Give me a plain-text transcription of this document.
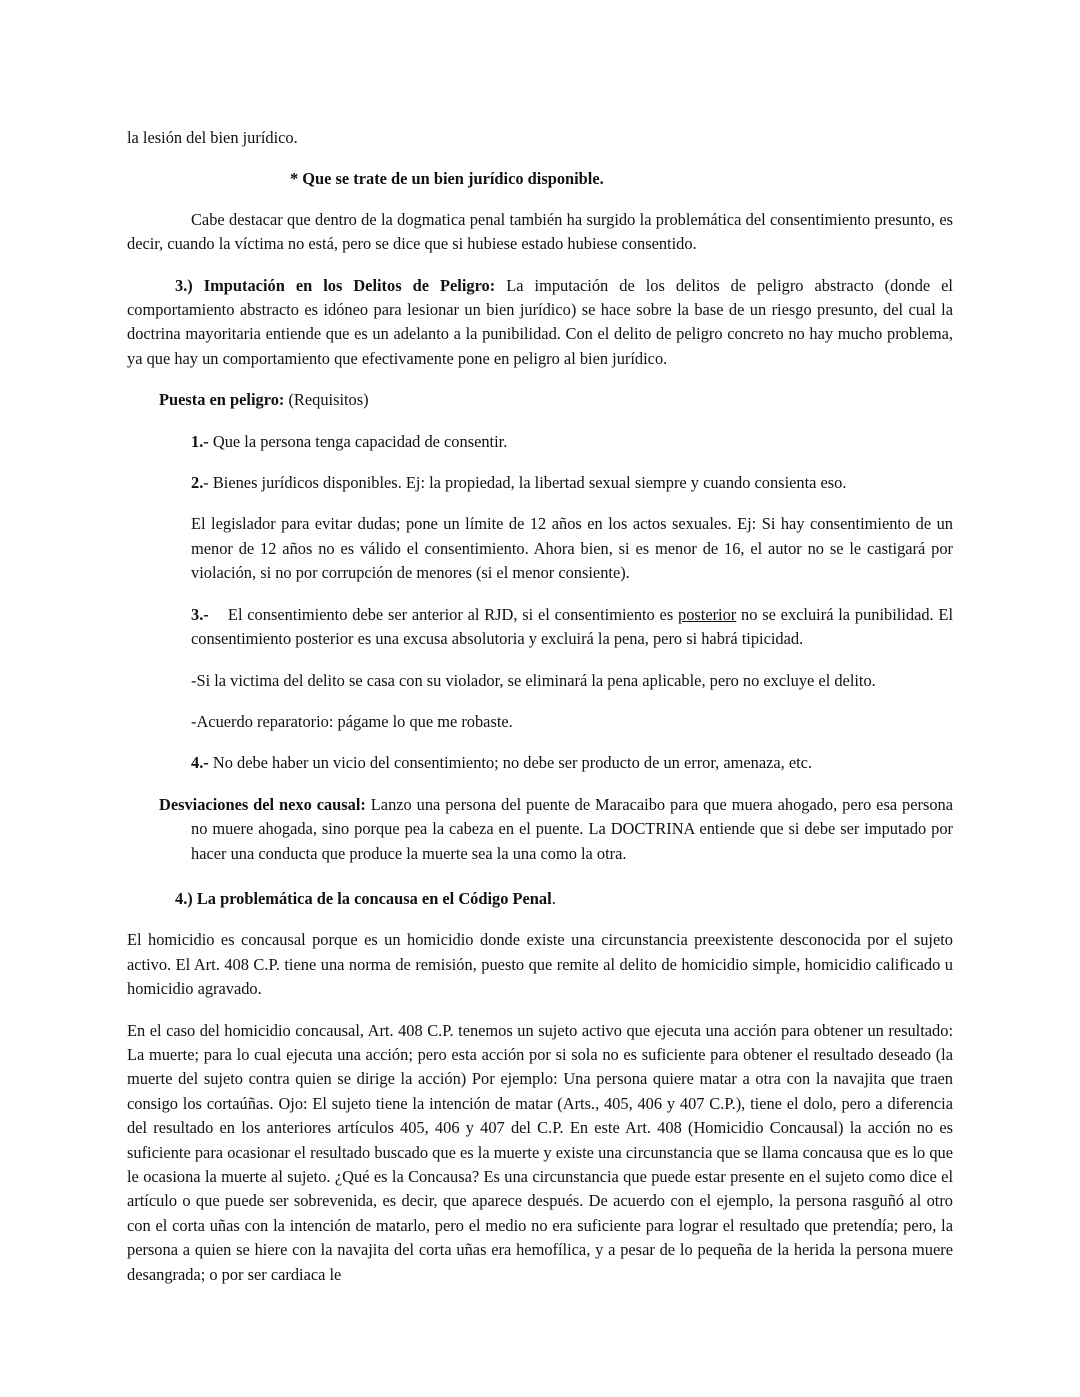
la lesión del bien jurídico.

* Que se trate de un bien jurídico disponible.

Cabe destacar que dentro de la dogmatica penal también ha surgido la problemática del consentimiento presunto, es decir, cuando la víctima no está, pero se dice que si hubiese estado hubiese consentido.

3.) Imputación en los Delitos de Peligro: La imputación de los delitos de peligro abstracto (donde el comportamiento abstracto es idóneo para lesionar un bien jurídico) se hace sobre la base de un riesgo presunto, del cual la doctrina mayoritaria entiende que es un adelanto a la punibilidad. Con el delito de peligro concreto no hay mucho problema, ya que hay un comportamiento que efectivamente pone en peligro al bien jurídico.

Puesta en peligro: (Requisitos)

1.- Que la persona tenga capacidad de consentir.

2.- Bienes jurídicos disponibles. Ej: la propiedad, la libertad sexual siempre y cuando consienta eso.

El legislador para evitar dudas; pone un límite de 12 años en los actos sexuales. Ej: Si hay consentimiento de un menor de 12 años no es válido el consentimiento. Ahora bien, si es menor de 16, el autor no se le castigará por violación, si no por corrupción de menores (si el menor consiente).

3.-    El consentimiento debe ser anterior al RJD, si el consentimiento es posterior no se excluirá la punibilidad. El consentimiento posterior es una excusa absolutoria y excluirá la pena, pero si habrá tipicidad.

-Si la victima del delito se casa con su violador, se eliminará la pena aplicable, pero no excluye el delito.

-Acuerdo reparatorio: págame lo que me robaste.

4.- No debe haber un vicio del consentimiento; no debe ser producto de un error, amenaza, etc.

Desviaciones del nexo causal: Lanzo una persona del puente de Maracaibo para que muera ahogado, pero esa persona no muere ahogada, sino porque pea la cabeza en el puente. La DOCTRINA entiende que si debe ser imputado por hacer una conducta que produce la muerte sea la una como la otra.

4.) La problemática de la concausa en el Código Penal.

El homicidio es concausal porque es un homicidio donde existe una circunstancia preexistente desconocida por el sujeto activo. El Art. 408 C.P. tiene una norma de remisión, puesto que remite al delito de homicidio simple, homicidio calificado u homicidio agravado.

En el caso del homicidio concausal, Art. 408 C.P. tenemos un sujeto activo que ejecuta una acción para obtener un resultado: La muerte; para lo cual ejecuta una acción; pero esta acción por si sola no es suficiente para obtener el resultado deseado (la muerte del sujeto contra quien se dirige la acción) Por ejemplo: Una persona quiere matar a otra con la navajita que traen consigo los cortaúñas. Ojo: El sujeto tiene la intención de matar (Arts., 405, 406 y 407 C.P.), tiene el dolo, pero a diferencia del resultado en los anteriores artículos 405, 406 y 407 del C.P. En este Art. 408 (Homicidio Concausal) la acción no es suficiente para ocasionar el resultado buscado que es la muerte y existe una circunstancia que se llama concausa que es lo que le ocasiona la muerte al sujeto. ¿Qué es la Concausa? Es una circunstancia que puede estar presente en el sujeto como dice el artículo o que puede ser sobrevenida, es decir, que aparece después. De acuerdo con el ejemplo, la persona rasguñó al otro con el corta uñas con la intención de matarlo, pero el medio no era suficiente para lograr el resultado que pretendía; pero, la persona a quien se hiere con la navajita del corta uñas era hemofílica, y a pesar de lo pequeña de la herida la persona muere desangrada; o por ser cardiaca le
